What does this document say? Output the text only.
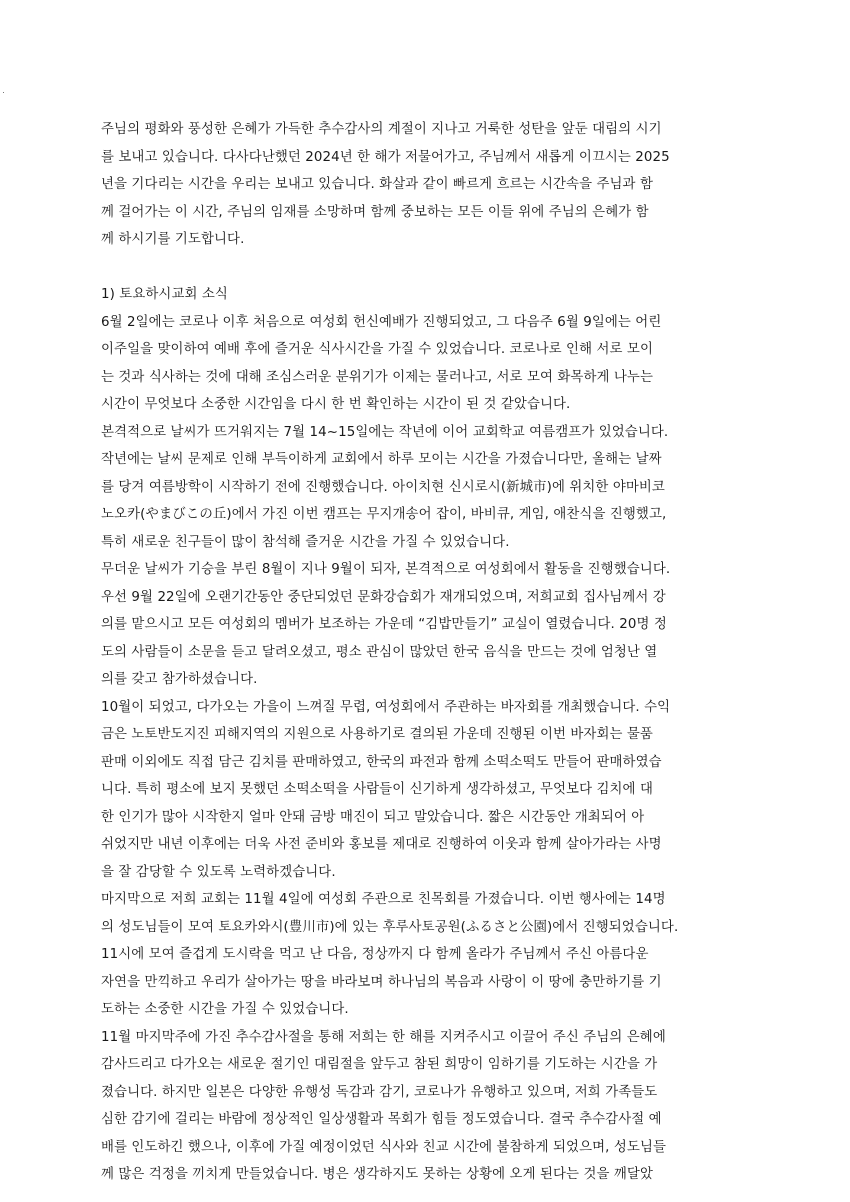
주님의 평화와 풍성한 은혜가 가득한 추수감사의 계절이 지나고 거룩한 성탄을 앞둔 대림의 시기
를 보내고 있습니다. 다사다난했던 2024년 한 해가 저물어가고, 주님께서 새롭게 이끄시는 2025
년을 기다리는 시간을 우리는 보내고 있습니다. 화살과 같이 빠르게 흐르는 시간속을 주님과 함
께 걸어가는 이 시간, 주님의 임재를 소망하며 함께 중보하는 모든 이들 위에 주님의 은혜가 함
께 하시기를 기도합니다.
1) 토요하시교회 소식
6월 2일에는 코로나 이후 처음으로 여성회 헌신예배가 진행되었고, 그 다음주 6월 9일에는 어린
이주일을 맞이하여 예배 후에 즐거운 식사시간을 가질 수 있었습니다. 코로나로 인해 서로 모이
는 것과 식사하는 것에 대해 조심스러운 분위기가 이제는 물러나고, 서로 모여 화목하게 나누는
시간이 무엇보다 소중한 시간임을 다시 한 번 확인하는 시간이 된 것 같았습니다.
본격적으로 날씨가 뜨거워지는 7월 14~15일에는 작년에 이어 교회학교 여름캠프가 있었습니다.
작년에는 날씨 문제로 인해 부득이하게 교회에서 하루 모이는 시간을 가졌습니다만, 올해는 날짜
를 당겨 여름방학이 시작하기 전에 진행했습니다. 아이치현 신시로시(新城市)에 위치한 야마비코
노오카(やまびこの丘)에서 가진 이번 캠프는 무지개송어 잡이, 바비큐, 게임, 애찬식을 진행했고,
특히 새로운 친구들이 많이 참석해 즐거운 시간을 가질 수 있었습니다.
무더운 날씨가 기승을 부린 8월이 지나 9월이 되자, 본격적으로 여성회에서 활동을 진행했습니다.
우선 9월 22일에 오랜기간동안 중단되었던 문화강습회가 재개되었으며, 저희교회 집사님께서 강
의를 맡으시고 모든 여성회의 멤버가 보조하는 가운데 “김밥만들기” 교실이 열렸습니다. 20명 정
도의 사람들이 소문을 듣고 달려오셨고, 평소 관심이 많았던 한국 음식을 만드는 것에 엄청난 열
의를 갖고 참가하셨습니다.
10월이 되었고, 다가오는 가을이 느껴질 무렵, 여성회에서 주관하는 바자회를 개최했습니다. 수익
금은 노토반도지진 피해지역의 지원으로 사용하기로 결의된 가운데 진행된 이번 바자회는 물품
판매 이외에도 직접 담근 김치를 판매하였고, 한국의 파전과 함께 소떡소떡도 만들어 판매하였습
니다. 특히 평소에 보지 못했던 소떡소떡을 사람들이 신기하게 생각하셨고, 무엇보다 김치에 대
한 인기가 많아 시작한지 얼마 안돼 금방 매진이 되고 말았습니다. 짧은 시간동안 개최되어 아
쉬었지만 내년 이후에는 더욱 사전 준비와 홍보를 제대로 진행하여 이웃과 함께 살아가라는 사명
을 잘 감당할 수 있도록 노력하겠습니다.
마지막으로 저희 교회는 11월 4일에 여성회 주관으로 친목회를 가졌습니다. 이번 행사에는 14명
의 성도님들이 모여 토요카와시(豊川市)에 있는 후루사토공원(ふるさと公園)에서 진행되었습니다.
11시에 모여 즐겁게 도시락을 먹고 난 다음, 정상까지 다 함께 올라가 주님께서 주신 아름다운
자연을 만끽하고 우리가 살아가는 땅을 바라보며 하나님의 복음과 사랑이 이 땅에 충만하기를 기
도하는 소중한 시간을 가질 수 있었습니다.
11월 마지막주에 가진 추수감사절을 통해 저희는 한 해를 지켜주시고 이끌어 주신 주님의 은혜에
감사드리고 다가오는 새로운 절기인 대림절을 앞두고 참된 희망이 임하기를 기도하는 시간을 가
졌습니다. 하지만 일본은 다양한 유행성 독감과 감기, 코로나가 유행하고 있으며, 저희 가족들도
심한 감기에 걸리는 바람에 정상적인 일상생활과 목회가 힘들 정도였습니다. 결국 추수감사절 예
배를 인도하긴 했으나, 이후에 가질 예정이었던 식사와 친교 시간에 불참하게 되었으며, 성도님들
께 많은 걱정을 끼치게 만들었습니다. 병은 생각하지도 못하는 상황에 오게 된다는 것을 깨달았
